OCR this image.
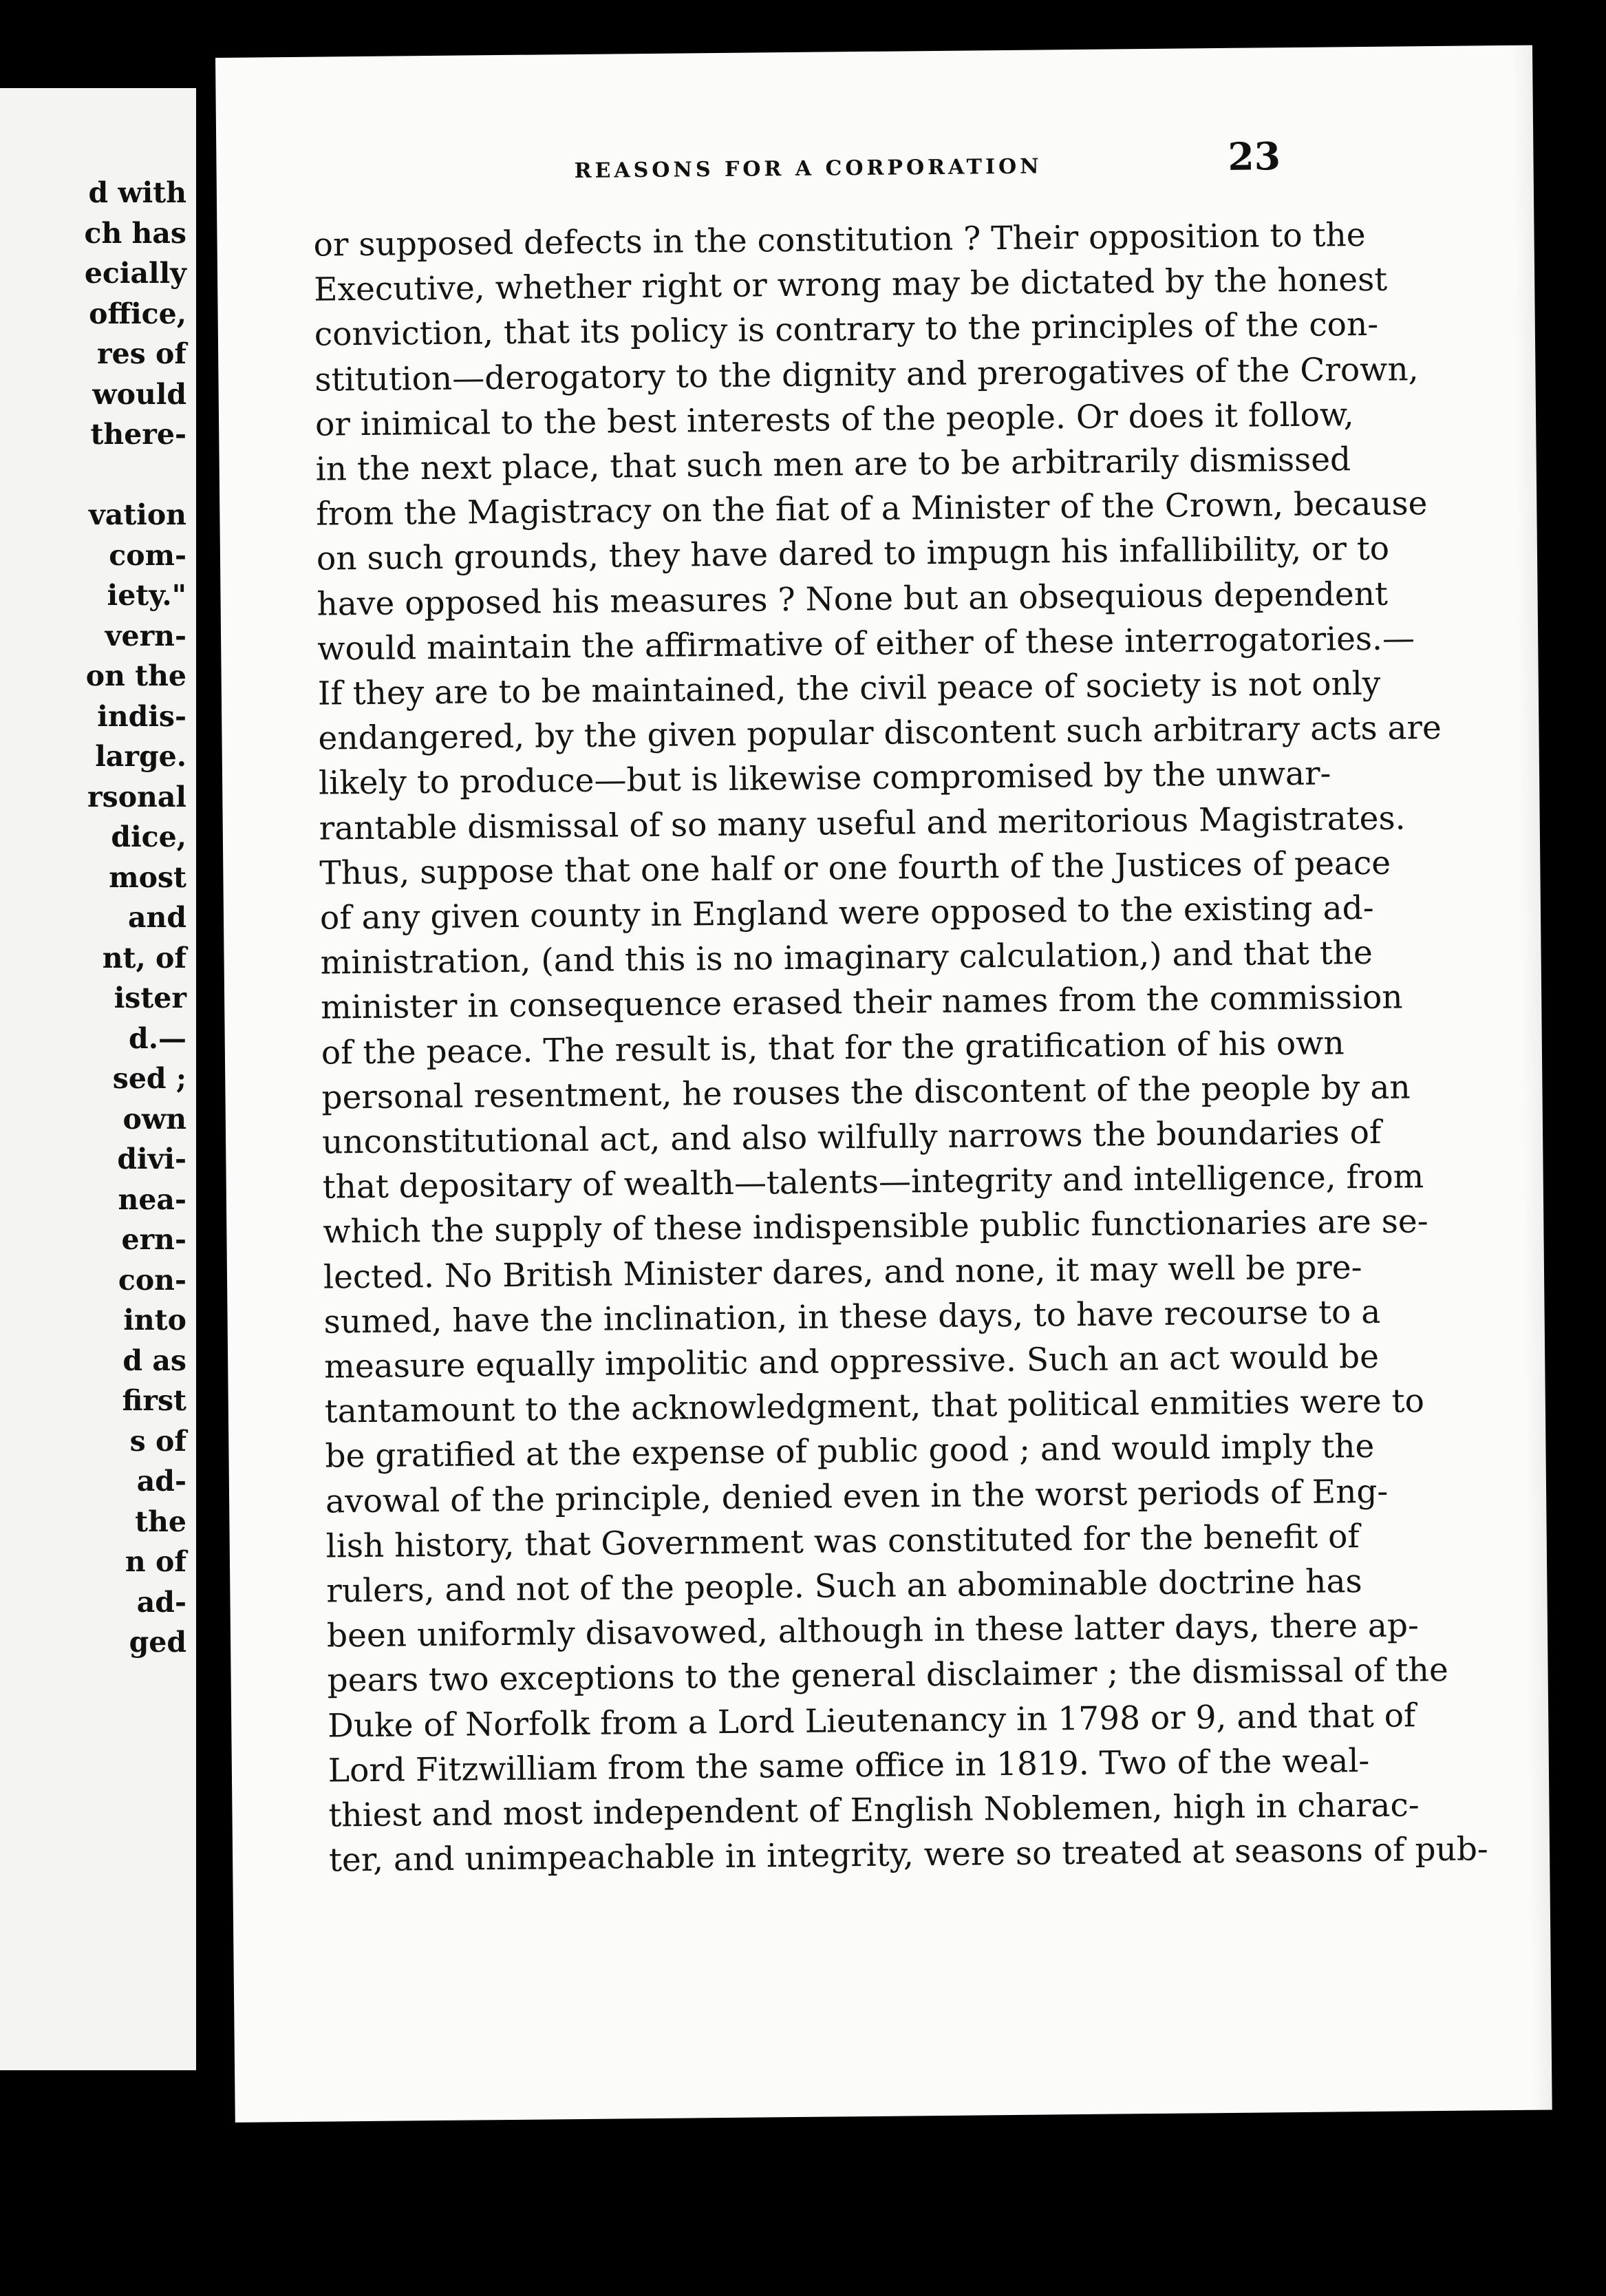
d with
ch has
ecially
office,
res of
would
there-
vation
com-
iety."
vern-
on the
indis-
large.
rsonal
dice,
most
and
nt, of
ister
d.—
sed ;
own
divi-
nea-
ern-
con-
into
d as
first
s of
ad-
the
n of
ad-
ged
REASONS FOR A CORPORATION	23
or supposed defects in the constitution ? Their opposition to the
Executive, whether right or wrong may be dictated by the honest
conviction, that its policy is contrary to the principles of the con-
stitution—derogatory to the dignity and prerogatives of the Crown,
or inimical to the best interests of the people. Or does it follow,
in the next place, that such men are to be arbitrarily dismissed
from the Magistracy on the fiat of a Minister of the Crown, because
on such grounds, they have dared to impugn his infallibility, or to
have opposed his measures ? None but an obsequious dependent
would maintain the affirmative of either of these interrogatories.—
If they are to be maintained, the civil peace of society is not only
endangered, by the given popular discontent such arbitrary acts are
likely to produce—but is likewise compromised by the unwar-
rantable dismissal of so many useful and meritorious Magistrates.
Thus, suppose that one half or one fourth of the Justices of peace
of any given county in England were opposed to the existing ad-
ministration, (and this is no imaginary calculation,) and that the
minister in consequence erased their names from the commission
of the peace. The result is, that for the gratification of his own
personal resentment, he rouses the discontent of the people by an
unconstitutional act, and also wilfully narrows the boundaries of
that depositary of wealth—talents—integrity and intelligence, from
which the supply of these indispensible public functionaries are se-
lected. No British Minister dares, and none, it may well be pre-
sumed, have the inclination, in these days, to have recourse to a
measure equally impolitic and oppressive. Such an act would be
tantamount to the acknowledgment, that political enmities were to
be gratified at the expense of public good ; and would imply the
avowal of the principle, denied even in the worst periods of Eng-
lish history, that Government was constituted for the benefit of
rulers, and not of the people. Such an abominable doctrine has
been uniformly disavowed, although in these latter days, there ap-
pears two exceptions to the general disclaimer ; the dismissal of the
Duke of Norfolk from a Lord Lieutenancy in 1798 or 9, and that of
Lord Fitzwilliam from the same office in 1819. Two of the weal-
thiest and most independent of English Noblemen, high in charac-
ter, and unimpeachable in integrity, were so treated at seasons of pub-
